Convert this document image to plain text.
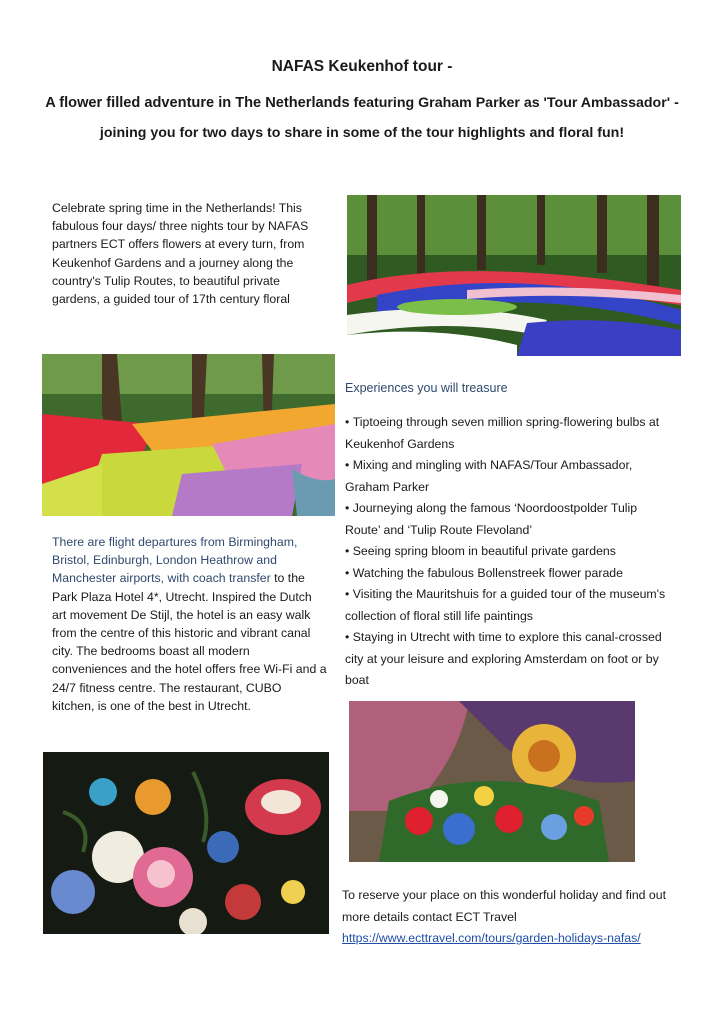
NAFAS Keukenhof tour -

A flower filled adventure in The Netherlands featuring Graham Parker as 'Tour Ambassador' - joining you for two days to share in some of the tour highlights and floral fun!

Celebrate spring time in the Netherlands! This fabulous four days/ three nights tour by NAFAS partners ECT offers flowers at every turn, from Keukenhof Gardens and a journey along the country's Tulip Routes, to beautiful private gardens, a guided tour of 17th century floral

Experiences you will treasure

• Tiptoeing through seven million spring-flowering bulbs at Keukenhof Gardens
• Mixing and mingling with NAFAS/Tour Ambassador, Graham Parker
• Journeying along the famous ‘Noordoostpolder Tulip Route’ and ‘Tulip Route Flevoland’
• Seeing spring bloom in beautiful private gardens
• Watching the fabulous Bollenstreek flower parade
• Visiting the Mauritshuis for a guided tour of the museum's collection of floral still life paintings
• Staying in Utrecht with time to explore this canal-crossed city at your leisure and exploring Amsterdam on foot or by boat

There are flight departures from Birmingham, Bristol, Edinburgh, London Heathrow and Manchester airports, with coach transfer to the Park Plaza Hotel 4*, Utrecht. Inspired the Dutch art movement De Stijl, the hotel is an easy walk from the centre of this historic and vibrant canal city. The bedrooms boast all modern conveniences and the hotel offers free Wi-Fi and a 24/7 fitness centre. The restaurant, CUBO kitchen, is one of the best in Utrecht.

To reserve your place on this wonderful holiday and find out more details contact ECT Travel https://www.ecttravel.com/tours/garden-holidays-nafas/
